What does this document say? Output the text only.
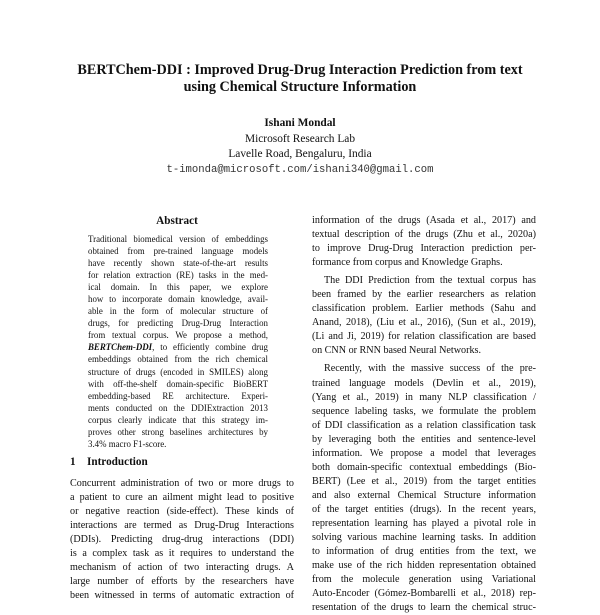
BERTChem-DDI : Improved Drug-Drug Interaction Prediction from text
using Chemical Structure Information
Ishani Mondal
Microsoft Research Lab
Lavelle Road, Bengaluru, India
t-imonda@microsoft.com/ishani340@gmail.com
Abstract
Traditional biomedical version of embeddings
obtained from pre-trained language models
have recently shown state-of-the-art results
for relation extraction (RE) tasks in the med-
ical domain. In this paper, we explore
how to incorporate domain knowledge, avail-
able in the form of molecular structure of
drugs, for predicting Drug-Drug Interaction
from textual corpus. We propose a method,
BERTChem-DDI, to efficiently combine drug
embeddings obtained from the rich chemical
structure of drugs (encoded in SMILES) along
with off-the-shelf domain-specific BioBERT
embedding-based RE architecture. Experi-
ments conducted on the DDIExtraction 2013
corpus clearly indicate that this strategy im-
proves other strong baselines architectures by
3.4% macro F1-score.
1 Introduction
Concurrent administration of two or more drugs to
a patient to cure an ailment might lead to positive
or negative reaction (side-effect). These kinds of
interactions are termed as Drug-Drug Interactions
(DDIs). Predicting drug-drug interactions (DDI)
is a complex task as it requires to understand the
mechanism of action of two interacting drugs. A
large number of efforts by the researchers have
been witnessed in terms of automatic extraction of
information of the drugs (Asada et al., 2017) and
textual description of the drugs (Zhu et al., 2020a)
to improve Drug-Drug Interaction prediction per-
formance from corpus and Knowledge Graphs.
The DDI Prediction from the textual corpus has
been framed by the earlier researchers as relation
classification problem. Earlier methods (Sahu and
Anand, 2018), (Liu et al., 2016), (Sun et al., 2019),
(Li and Ji, 2019) for relation classification are based
on CNN or RNN based Neural Networks.
Recently, with the massive success of the pre-
trained language models (Devlin et al., 2019),
(Yang et al., 2019) in many NLP classification /
sequence labeling tasks, we formulate the problem
of DDI classification as a relation classification task
by leveraging both the entities and sentence-level
information. We propose a model that leverages
both domain-specific contextual embeddings (Bio-
BERT) (Lee et al., 2019) from the target entities
and also external Chemical Structure information
of the target entities (drugs). In the recent years,
representation learning has played a pivotal role in
solving various machine learning tasks. In addition
to information of drug entities from the text, we
make use of the rich hidden representation obtained
from the molecule generation using Variational
Auto-Encoder (Gómez-Bombarelli et al., 2018) rep-
resentation of the drugs to learn the chemical struc-
